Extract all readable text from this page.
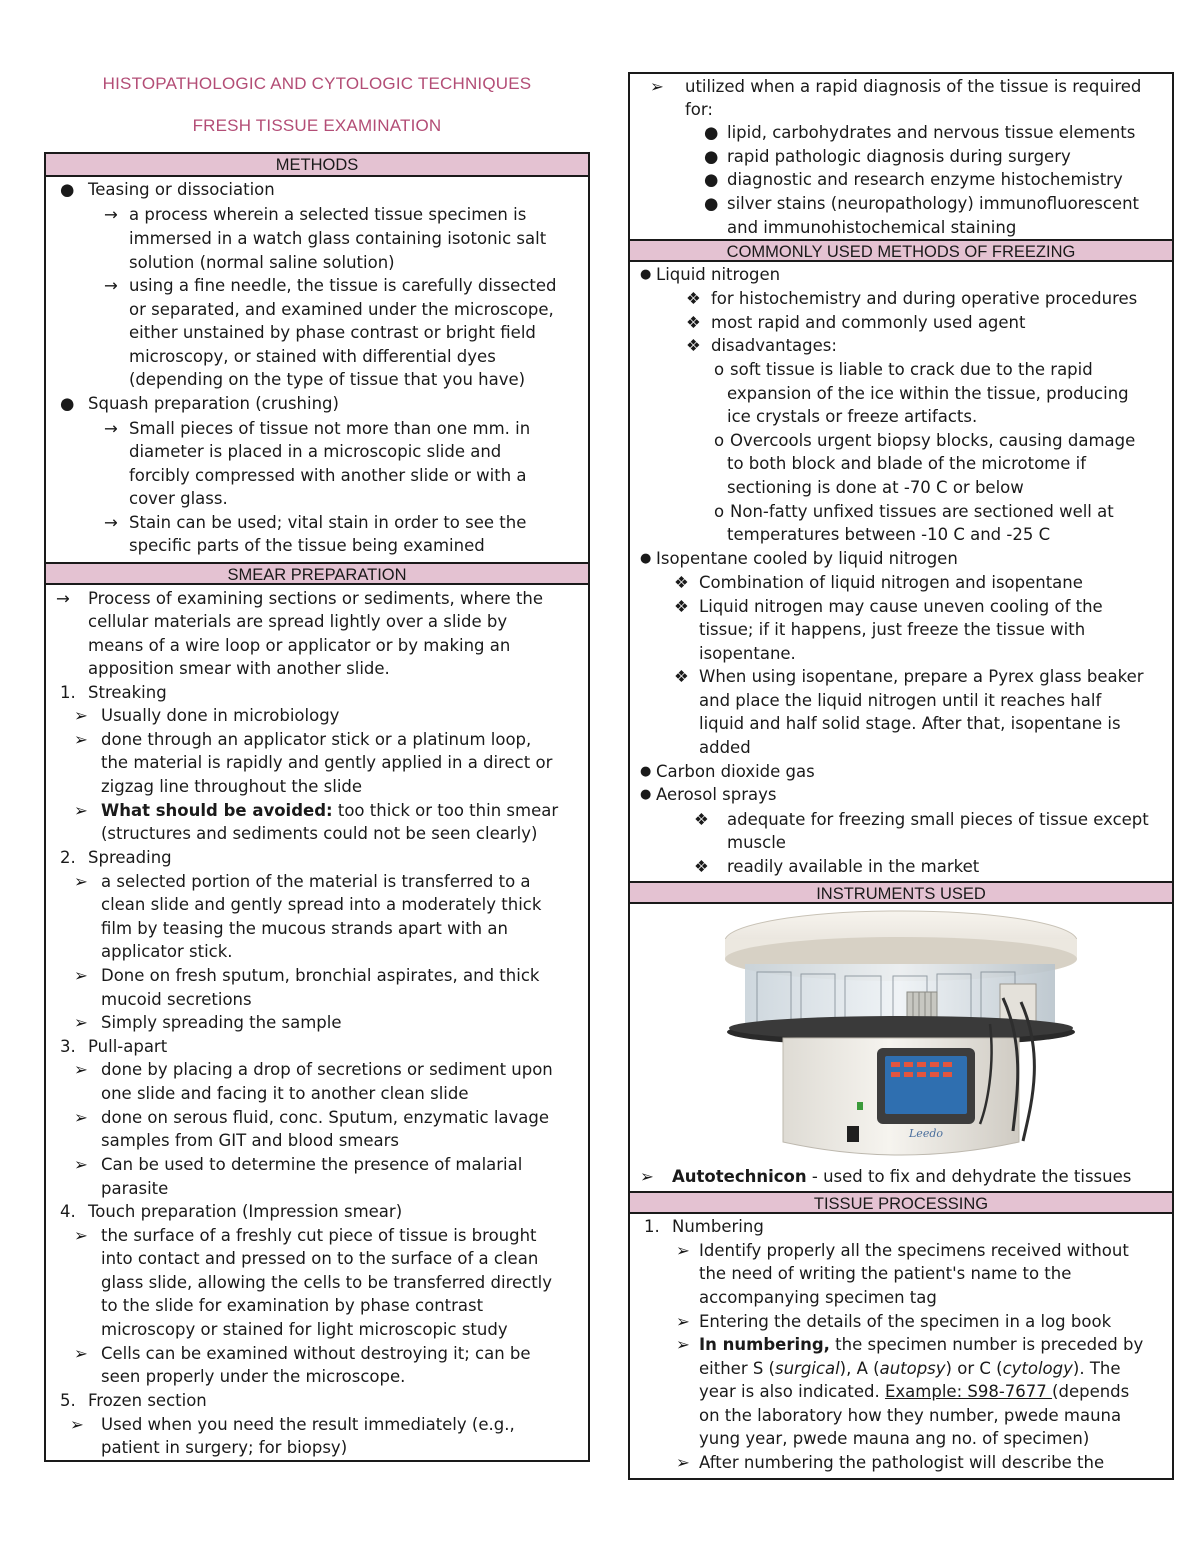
HISTOPATHOLOGIC AND CYTOLOGIC TECHNIQUES
FRESH TISSUE EXAMINATION
METHODS
● Teasing or dissociation
→ a process wherein a selected tissue specimen is
immersed in a watch glass containing isotonic salt
solution (normal saline solution)
→ using a fine needle, the tissue is carefully dissected
or separated, and examined under the microscope,
either unstained by phase contrast or bright field
microscopy, or stained with differential dyes
(depending on the type of tissue that you have)
● Squash preparation (crushing)
→ Small pieces of tissue not more than one mm. in
diameter is placed in a microscopic slide and
forcibly compressed with another slide or with a
cover glass.
→ Stain can be used; vital stain in order to see the
specific parts of the tissue being examined
SMEAR PREPARATION
→ Process of examining sections or sediments, where the
cellular materials are spread lightly over a slide by
means of a wire loop or applicator or by making an
apposition smear with another slide.
1. Streaking
➢ Usually done in microbiology
➢ done through an applicator stick or a platinum loop,
the material is rapidly and gently applied in a direct or
zigzag line throughout the slide
➢ What should be avoided: too thick or too thin smear
(structures and sediments could not be seen clearly)
2. Spreading
➢ a selected portion of the material is transferred to a
clean slide and gently spread into a moderately thick
film by teasing the mucous strands apart with an
applicator stick.
➢ Done on fresh sputum, bronchial aspirates, and thick
mucoid secretions
➢ Simply spreading the sample
3. Pull-apart
➢ done by placing a drop of secretions or sediment upon
one slide and facing it to another clean slide
➢ done on serous fluid, conc. Sputum, enzymatic lavage
samples from GIT and blood smears
➢ Can be used to determine the presence of malarial
parasite
4. Touch preparation (Impression smear)
➢ the surface of a freshly cut piece of tissue is brought
into contact and pressed on to the surface of a clean
glass slide, allowing the cells to be transferred directly
to the slide for examination by phase contrast
microscopy or stained for light microscopic study
➢ Cells can be examined without destroying it; can be
seen properly under the microscope.
5. Frozen section
➢ Used when you need the result immediately (e.g.,
patient in surgery; for biopsy)
➢ utilized when a rapid diagnosis of the tissue is required
for:
● lipid, carbohydrates and nervous tissue elements
● rapid pathologic diagnosis during surgery
● diagnostic and research enzyme histochemistry
● silver stains (neuropathology) immunofluorescent
and immunohistochemical staining
COMMONLY USED METHODS OF FREEZING
● Liquid nitrogen
❖ for histochemistry and during operative procedures
❖ most rapid and commonly used agent
❖ disadvantages:
o soft tissue is liable to crack due to the rapid
expansion of the ice within the tissue, producing
ice crystals or freeze artifacts.
o Overcools urgent biopsy blocks, causing damage
to both block and blade of the microtome if
sectioning is done at -70 C or below
o Non-fatty unfixed tissues are sectioned well at
temperatures between -10 C and -25 C
● Isopentane cooled by liquid nitrogen
❖ Combination of liquid nitrogen and isopentane
❖ Liquid nitrogen may cause uneven cooling of the
tissue; if it happens, just freeze the tissue with
isopentane.
❖ When using isopentane, prepare a Pyrex glass beaker
and place the liquid nitrogen until it reaches half
liquid and half solid stage. After that, isopentane is
added
● Carbon dioxide gas
● Aerosol sprays
❖ adequate for freezing small pieces of tissue except
muscle
❖ readily available in the market
INSTRUMENTS USED
➢ Autotechnicon - used to fix and dehydrate the tissues
TISSUE PROCESSING
1. Numbering
➢ Identify properly all the specimens received without
the need of writing the patient's name to the
accompanying specimen tag
➢ Entering the details of the specimen in a log book
➢ In numbering, the specimen number is preceded by
either S (surgical), A (autopsy) or C (cytology). The
year is also indicated. Example: S98-7677 (depends
on the laboratory how they number, pwede mauna
yung year, pwede mauna ang no. of specimen)
➢ After numbering the pathologist will describe the
Leedo
